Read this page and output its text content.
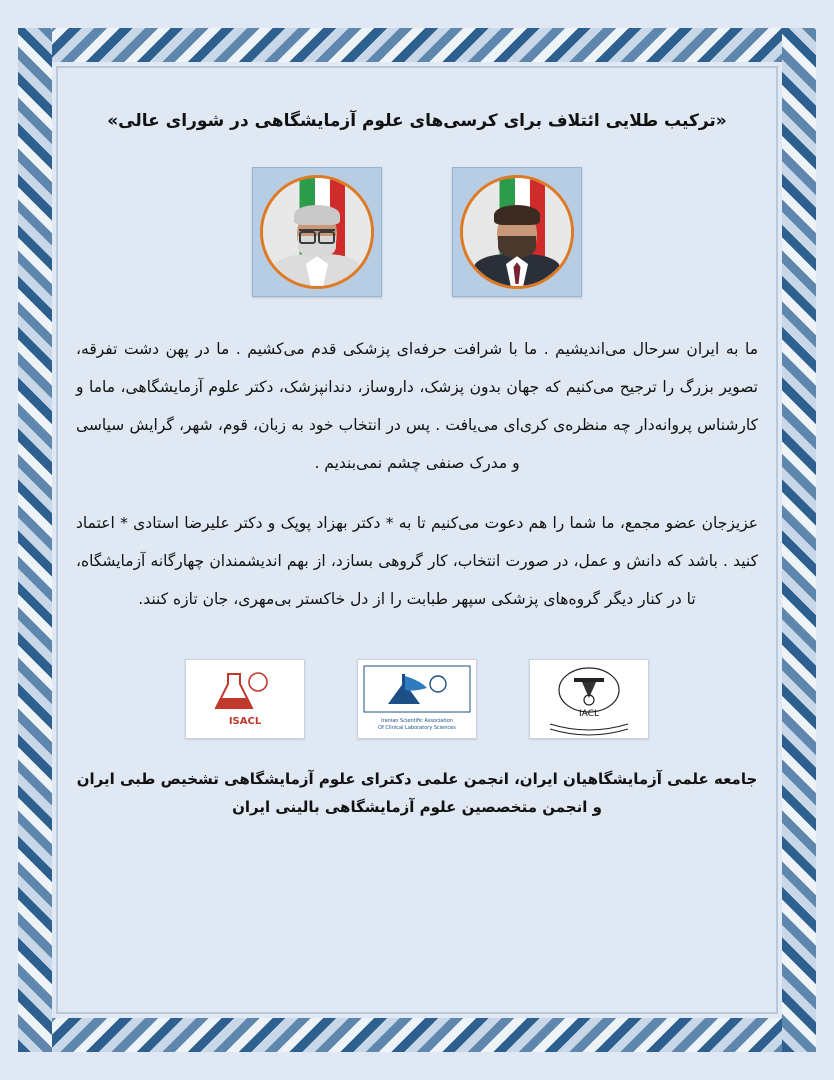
«ترکیب طلایی ائتلاف برای کرسی‌های علوم آزمایشگاهی در شورای عالی»

ما به ایران سرحال می‌اندیشیم . ما با شرافت حرفه‌ای پزشکی قدم می‌کشیم . ما در پهن دشت تفرقه، تصویر بزرگ را ترجیح می‌کنیم که جهان بدون پزشک، داروساز، دندانپزشک، دکتر علوم آزمایشگاهی، ماما و کارشناس پروانه‌دار چه منظره‌ی کری‌ای می‌یافت . پس در انتخاب خود به زبان، قوم، شهر، گرایش سیاسی و مدرک صنفی چشم نمی‌بندیم .

عزیزجان عضو مجمع، ما شما را هم دعوت می‌کنیم تا به * دکتر بهزاد پوپک و دکتر علیرضا استادی * اعتماد کنید . باشد که دانش و عمل، در صورت انتخاب، کار گروهی بسازد، از بهم اندیشمندان چهارگانه آزمایشگاه، تا در کنار دیگر گروه‌های پزشکی سپهر طبابت را از دل خاکستر بی‌مهری، جان تازه کنند.

IACL
Iranian Scientific Association
Of Clinical Laboratory Sciences
ISACL
جامعه علمی آزمایشگاهیان ایران، انجمن علمی دکترای علوم آزمایشگاهی تشخیص طبی ایران و انجمن متخصصین علوم آزمایشگاهی بالینی ایران
